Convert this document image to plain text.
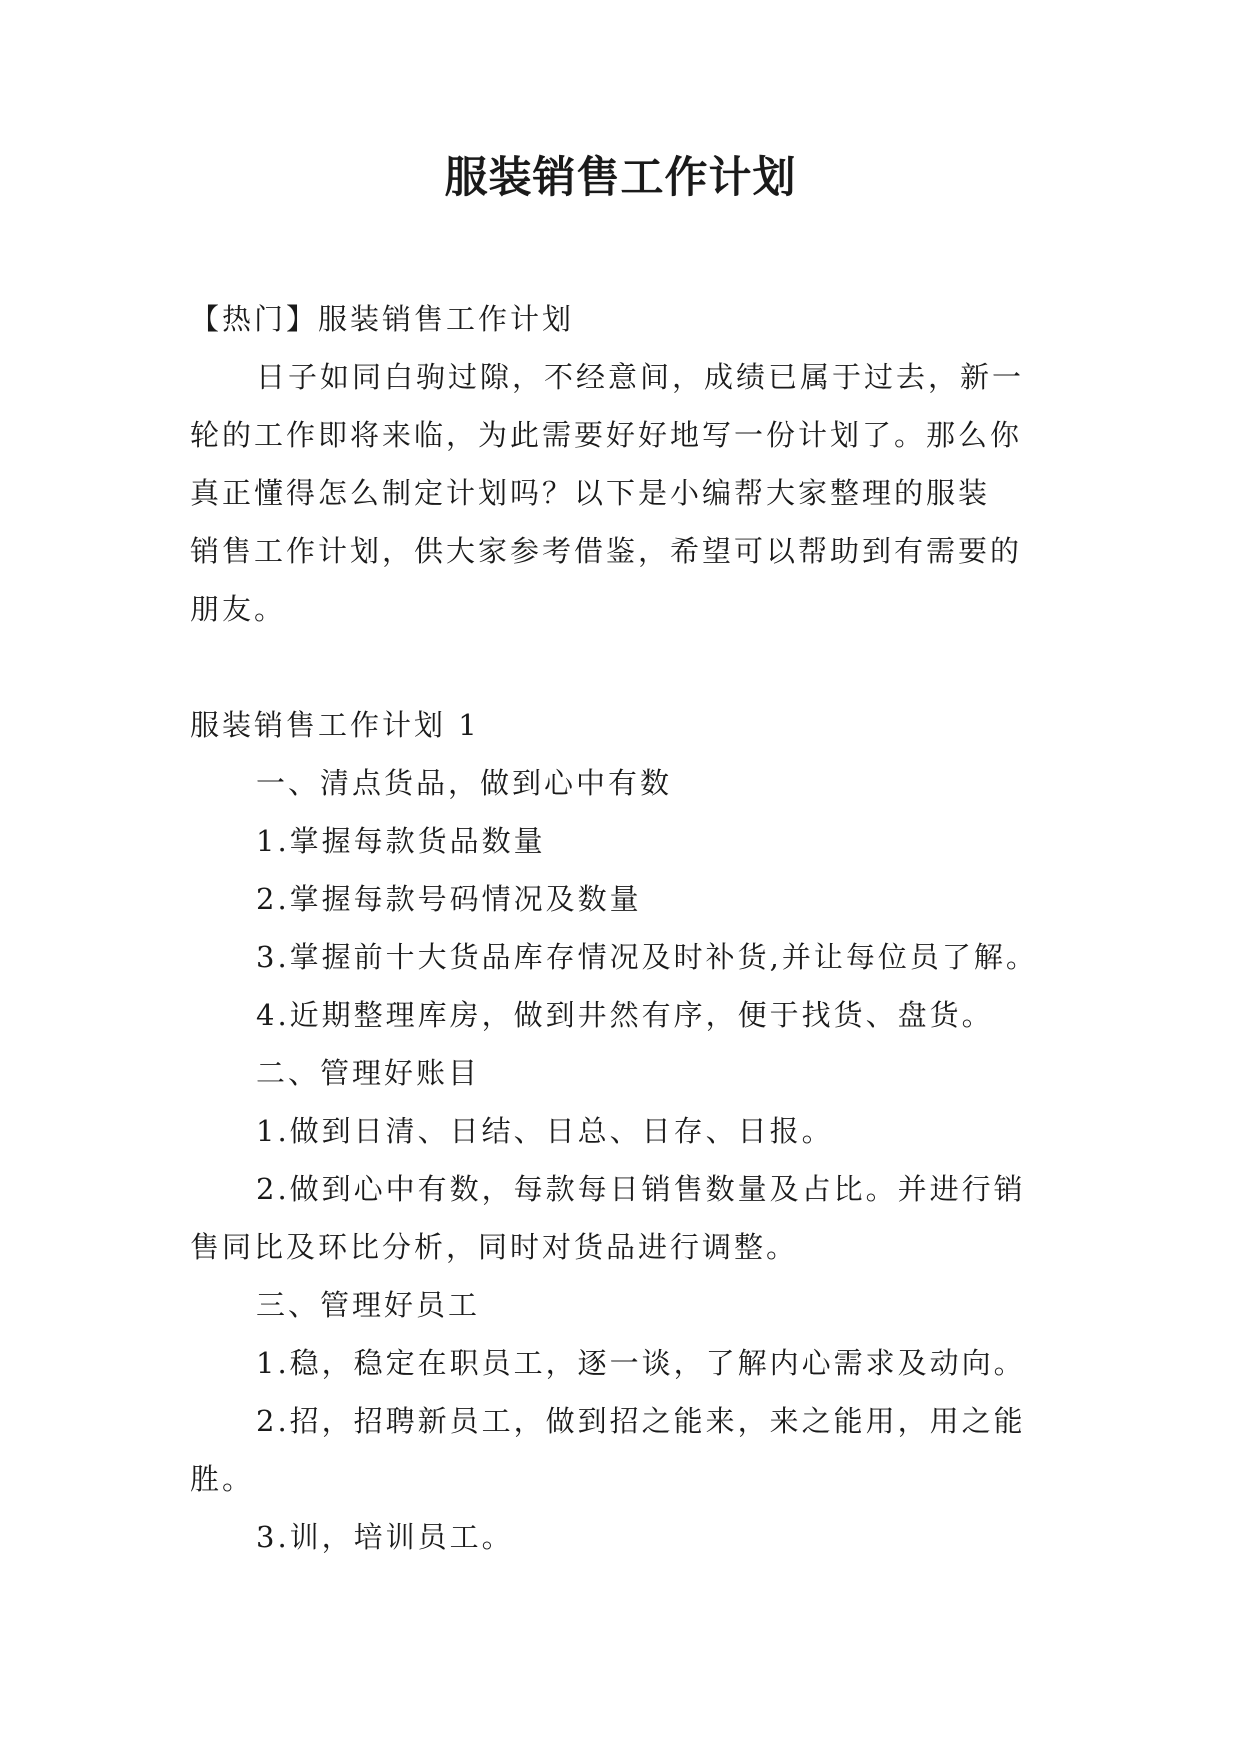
服装销售工作计划

【热门】服装销售工作计划

日子如同白驹过隙，不经意间，成绩已属于过去，新一

轮的工作即将来临，为此需要好好地写一份计划了。那么你

真正懂得怎么制定计划吗？以下是小编帮大家整理的服装

销售工作计划，供大家参考借鉴，希望可以帮助到有需要的

朋友。

服装销售工作计划 1

一、清点货品，做到心中有数

1.掌握每款货品数量

2.掌握每款号码情况及数量

3.掌握前十大货品库存情况及时补货,并让每位员了解。

4.近期整理库房，做到井然有序，便于找货、盘货。

二、管理好账目

1.做到日清、日结、日总、日存、日报。

2.做到心中有数，每款每日销售数量及占比。并进行销

售同比及环比分析，同时对货品进行调整。

三、管理好员工

1.稳，稳定在职员工，逐一谈，了解内心需求及动向。

2.招，招聘新员工，做到招之能来，来之能用，用之能

胜。

3.训，培训员工。
